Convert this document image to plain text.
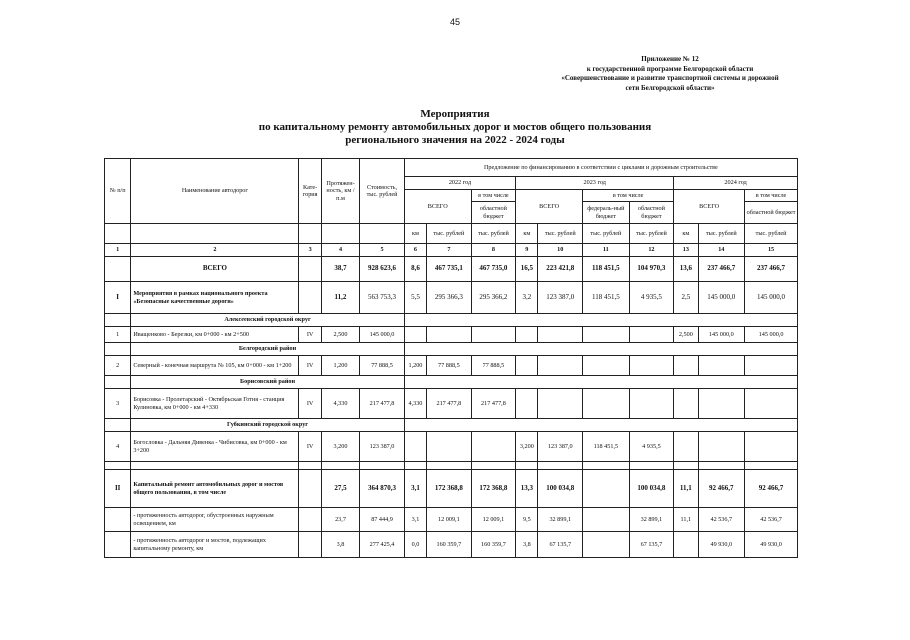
45
Приложение № 12
к государственной программе Белгородской области
«Совершенствование и развитие транспортной системы и дорожной
сети Белгородской области»
Мероприятия
по капитальному ремонту автомобильных дорог и мостов общего пользования
регионального значения на 2022 - 2024 годы
№ п/п	Наименование автодорог	Кате-гория	Протяжен-ность, км / п.м	Стоимость, тыс. рублей	Предложение по финансированию в соответствии с циклами и дорожным строительстве									
					2022 год			2023 год				2024 год		
					ВСЕГО		в том числе	ВСЕГО		в том числе		ВСЕГО		в том числе
							областной бюджет			федераль-ный бюджет	областной бюджет			областной бюджет
					км	тыс. рублей	тыс. рублей	км	тыс. рублей	тыс. рублей	тыс. рублей	км	тыс. рублей	тыс. рублей
1	2	3	4	5	6	7	8	9	10	11	12	13	14	15
	ВСЕГО		38,7	928 623,6	8,6	467 735,1	467 735,0	16,5	223 421,8	118 451,5	104 970,3	13,6	237 466,7	237 466,7
I	Мероприятия в рамках национального проекта «Безопасные качественные дороги»		11,2	563 753,3	5,5	295 366,3	295 366,2	3,2	123 387,0	118 451,5	4 935,5	2,5	145 000,0	145 000,0
	Алексеевский городской округ													
1	Иващенково - Березки, км 0+000 - км 2+500	IV	2,500	145 000,0								2,500	145 000,0	145 000,0
	Белгородский район													
2	Северный - конечная маршрута № 105, км 0+000 - км 1+200	IV	1,200	77 888,5	1,200	77 888,5	77 888,5							
	Борисовский район													
3	Борисовка - Пролетарский - Октябрьская Готня - станция Кулиновка, км 0+000 - км 4+330	IV	4,330	217 477,8	4,330	217 477,8	217 477,8							
	Губкинский городской округ													
4	Богословка - Дальняя Дивенка - Чибисовка, км 0+000 - км 3+200	IV	3,200	123 387,0				3,200	123 387,0	118 451,5	4 935,5			

II	Капитальный ремонт автомобильных дорог и мостов общего пользования, в том числе		27,5	364 870,3	3,1	172 368,8	172 368,8	13,3	100 034,8		100 034,8	11,1	92 466,7	92 466,7
	- протяженность автодорог, обустроенных наружным освещением, км		23,7	87 444,9	3,1	12 009,1	12 009,1	9,5	32 899,1		32 899,1	11,1	42 536,7	42 536,7
	- протяженность автодорог и мостов, подлежащих капитальному ремонту, км		3,8	277 425,4	0,0	160 359,7	160 359,7	3,8	67 135,7		67 135,7		49 930,0	49 930,0
